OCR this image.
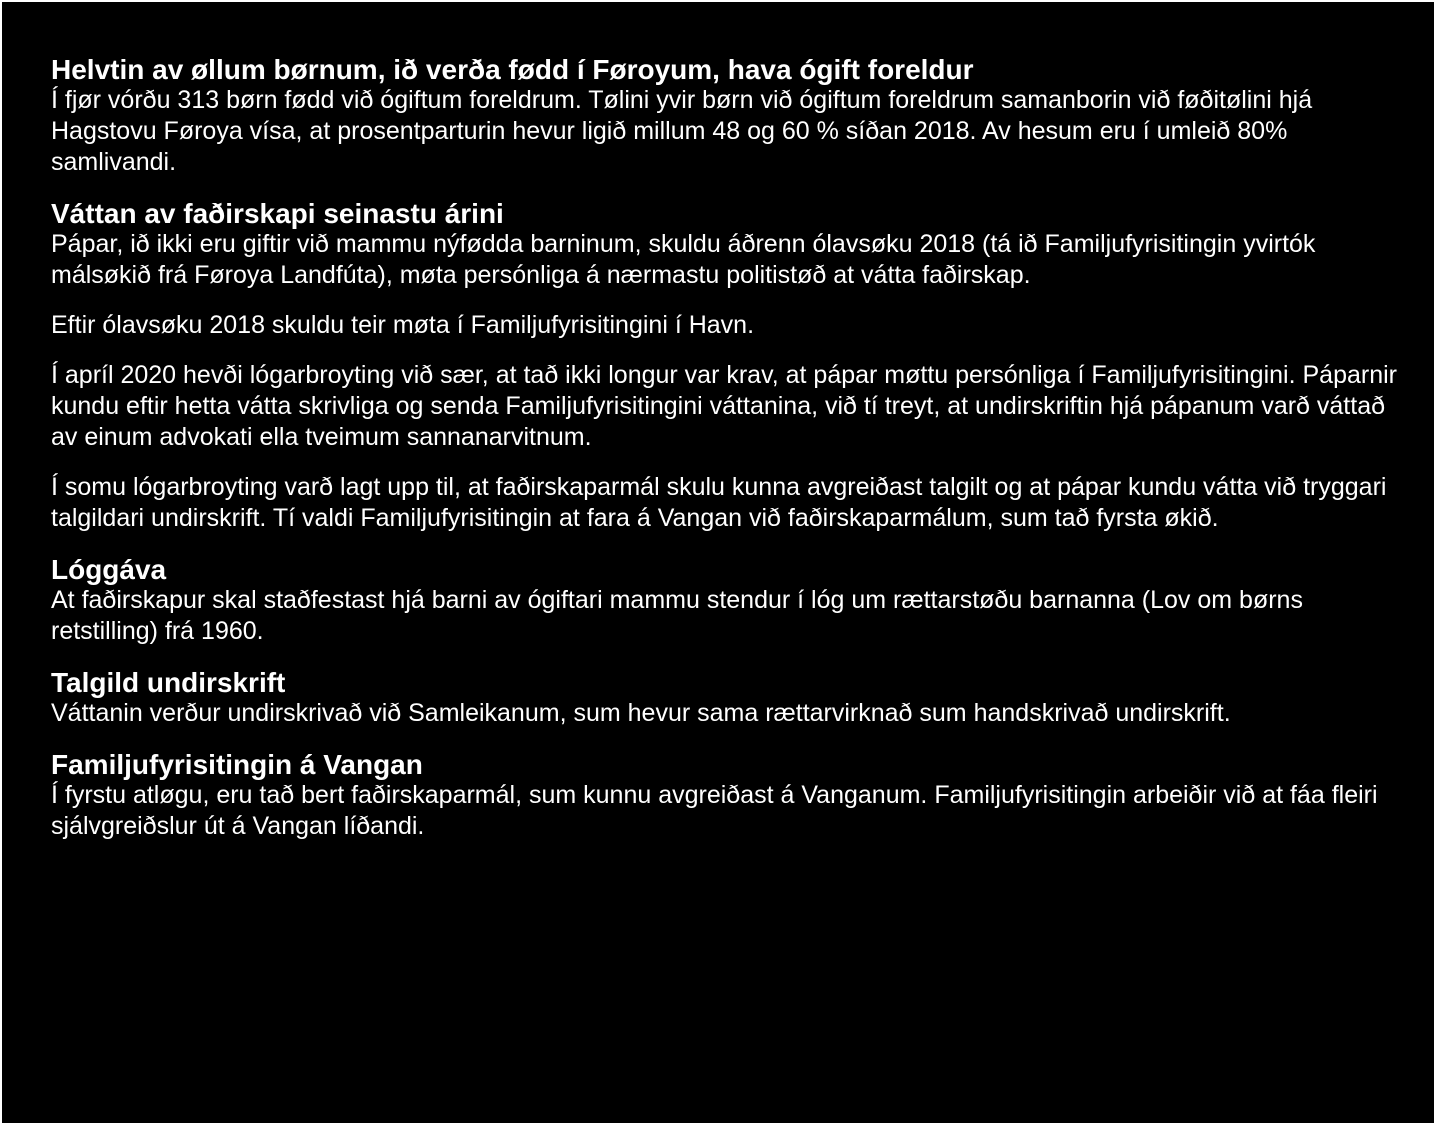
Helvtin av øllum børnum, ið verða fødd í Føroyum, hava ógift foreldur

Í fjør vórðu 313 børn fødd við ógiftum foreldrum. Tølini yvir børn við ógiftum foreldrum samanborin við føðitølini hjá Hagstovu Føroya vísa, at prosentparturin hevur ligið millum 48 og 60 % síðan 2018. Av hesum eru í umleið 80% samlivandi.

Váttan av faðirskapi seinastu árini

Pápar, ið ikki eru giftir við mammu nýfødda barninum, skuldu áðrenn ólavsøku 2018 (tá ið Familjufyrisitingin yvirtók málsøkið frá Føroya Landfúta), møta persónliga á nærmastu politistøð at vátta faðirskap.

Eftir ólavsøku 2018 skuldu teir møta í Familjufyrisitingini í Havn.

Í apríl 2020 hevði lógarbroyting við sær, at tað ikki longur var krav, at pápar møttu persónliga í Familjufyrisitingini. Páparnir kundu eftir hetta vátta skrivliga og senda Familjufyrisitingini váttanina, við tí treyt, at undirskriftin hjá pápanum varð váttað av einum advokati ella tveimum sannanarvitnum.

Í somu lógarbroyting varð lagt upp til, at faðirskaparmál skulu kunna avgreiðast talgilt og at pápar kundu vátta við tryggari talgildari undirskrift. Tí valdi Familjufyrisitingin at fara á Vangan við faðirskaparmálum, sum tað fyrsta økið.

Lóggáva

At faðirskapur skal staðfestast hjá barni av ógiftari mammu stendur í lóg um rættarstøðu barnanna (Lov om børns retstilling) frá 1960.

Talgild undirskrift

Váttanin verður undirskrivað við Samleikanum, sum hevur sama rættarvirknað sum handskrivað undirskrift.

Familjufyrisitingin á Vangan

Í fyrstu atløgu, eru tað bert faðirskaparmál, sum kunnu avgreiðast á Vanganum. Familjufyrisitingin arbeiðir við at fáa fleiri sjálvgreiðslur út á Vangan líðandi.
